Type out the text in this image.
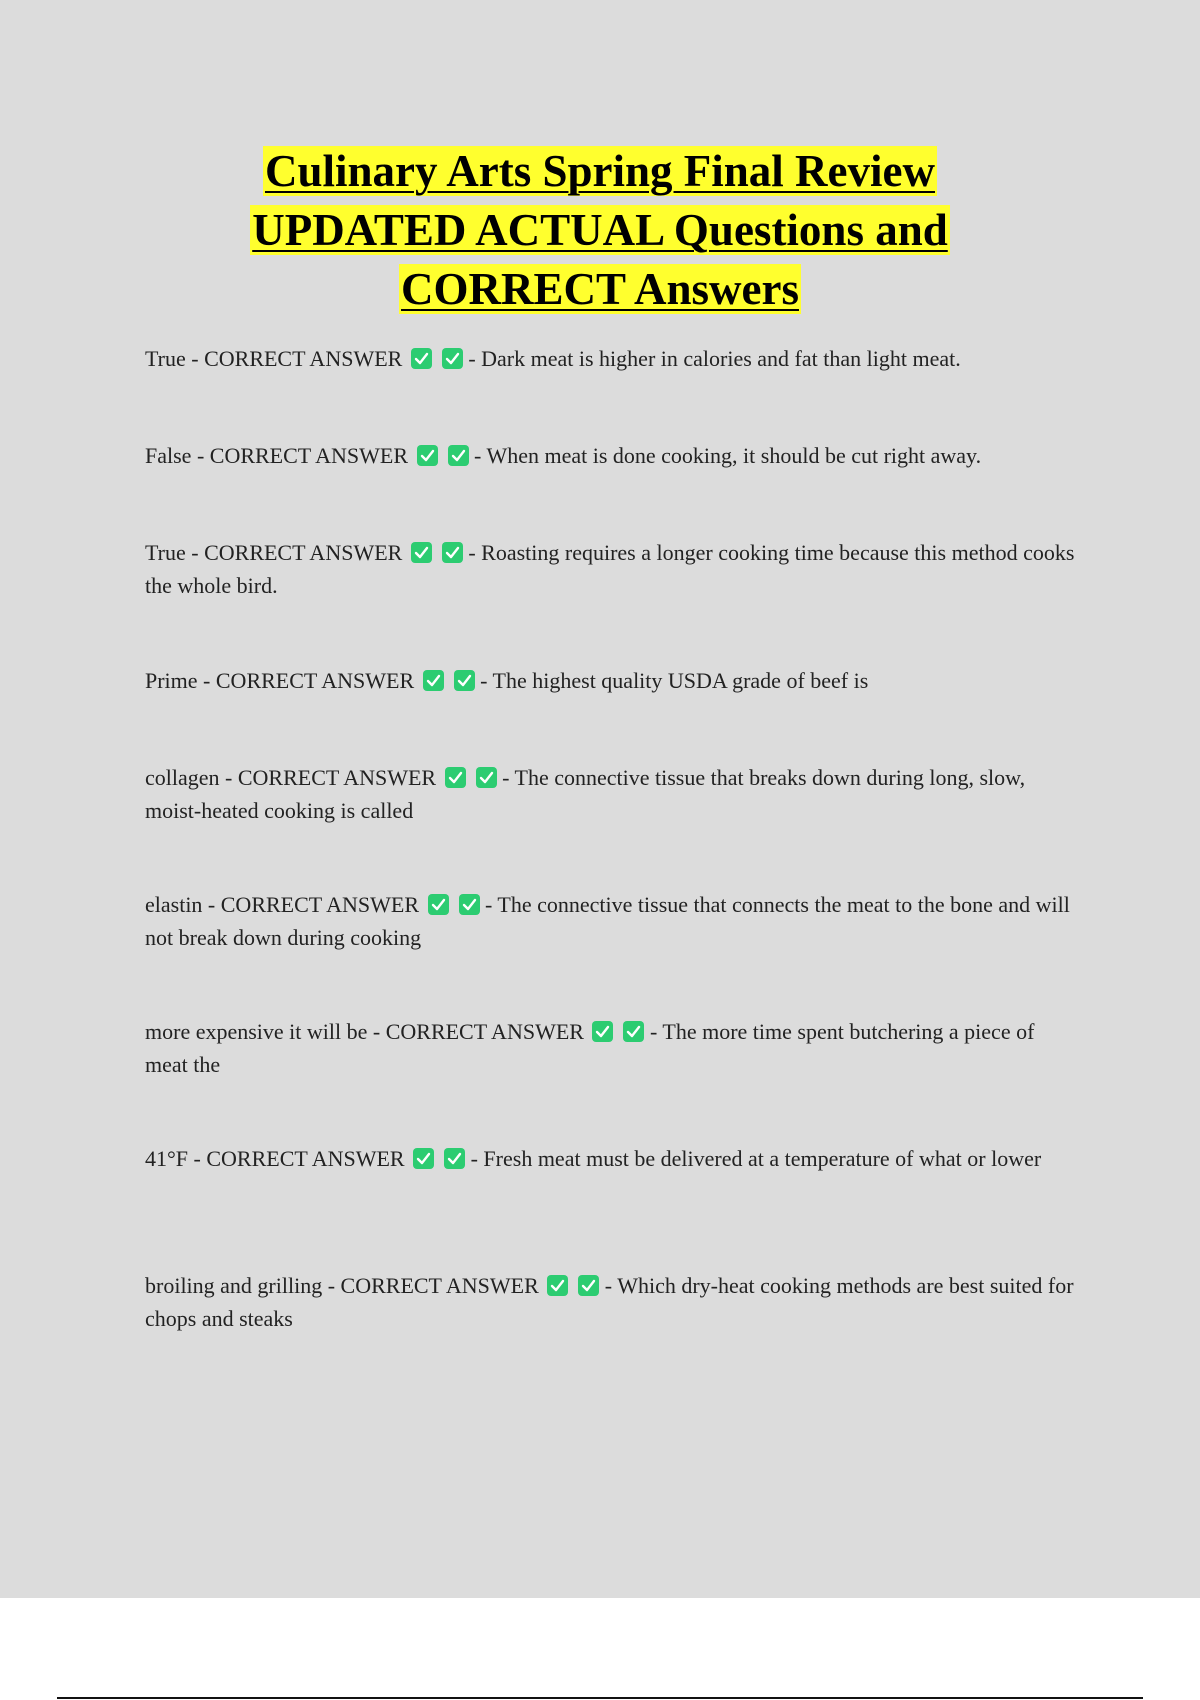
Culinary Arts Spring Final Review
UPDATED ACTUAL Questions and
CORRECT Answers
True - CORRECT ANSWER	- Dark meat is higher in calories and fat than light meat.
False - CORRECT ANSWER	- When meat is done cooking, it should be cut right away.
True - CORRECT ANSWER	- Roasting requires a longer cooking time because this method cooks the whole bird.
Prime - CORRECT ANSWER	- The highest quality USDA grade of beef is
collagen - CORRECT ANSWER	- The connective tissue that breaks down during long, slow, moist-heated cooking is called
elastin - CORRECT ANSWER	- The connective tissue that connects the meat to the bone and will not break down during cooking
more expensive it will be - CORRECT ANSWER	- The more time spent butchering a piece of meat the
41°F - CORRECT ANSWER	- Fresh meat must be delivered at a temperature of what or lower
broiling and grilling - CORRECT ANSWER	- Which dry-heat cooking methods are best suited for chops and steaks
